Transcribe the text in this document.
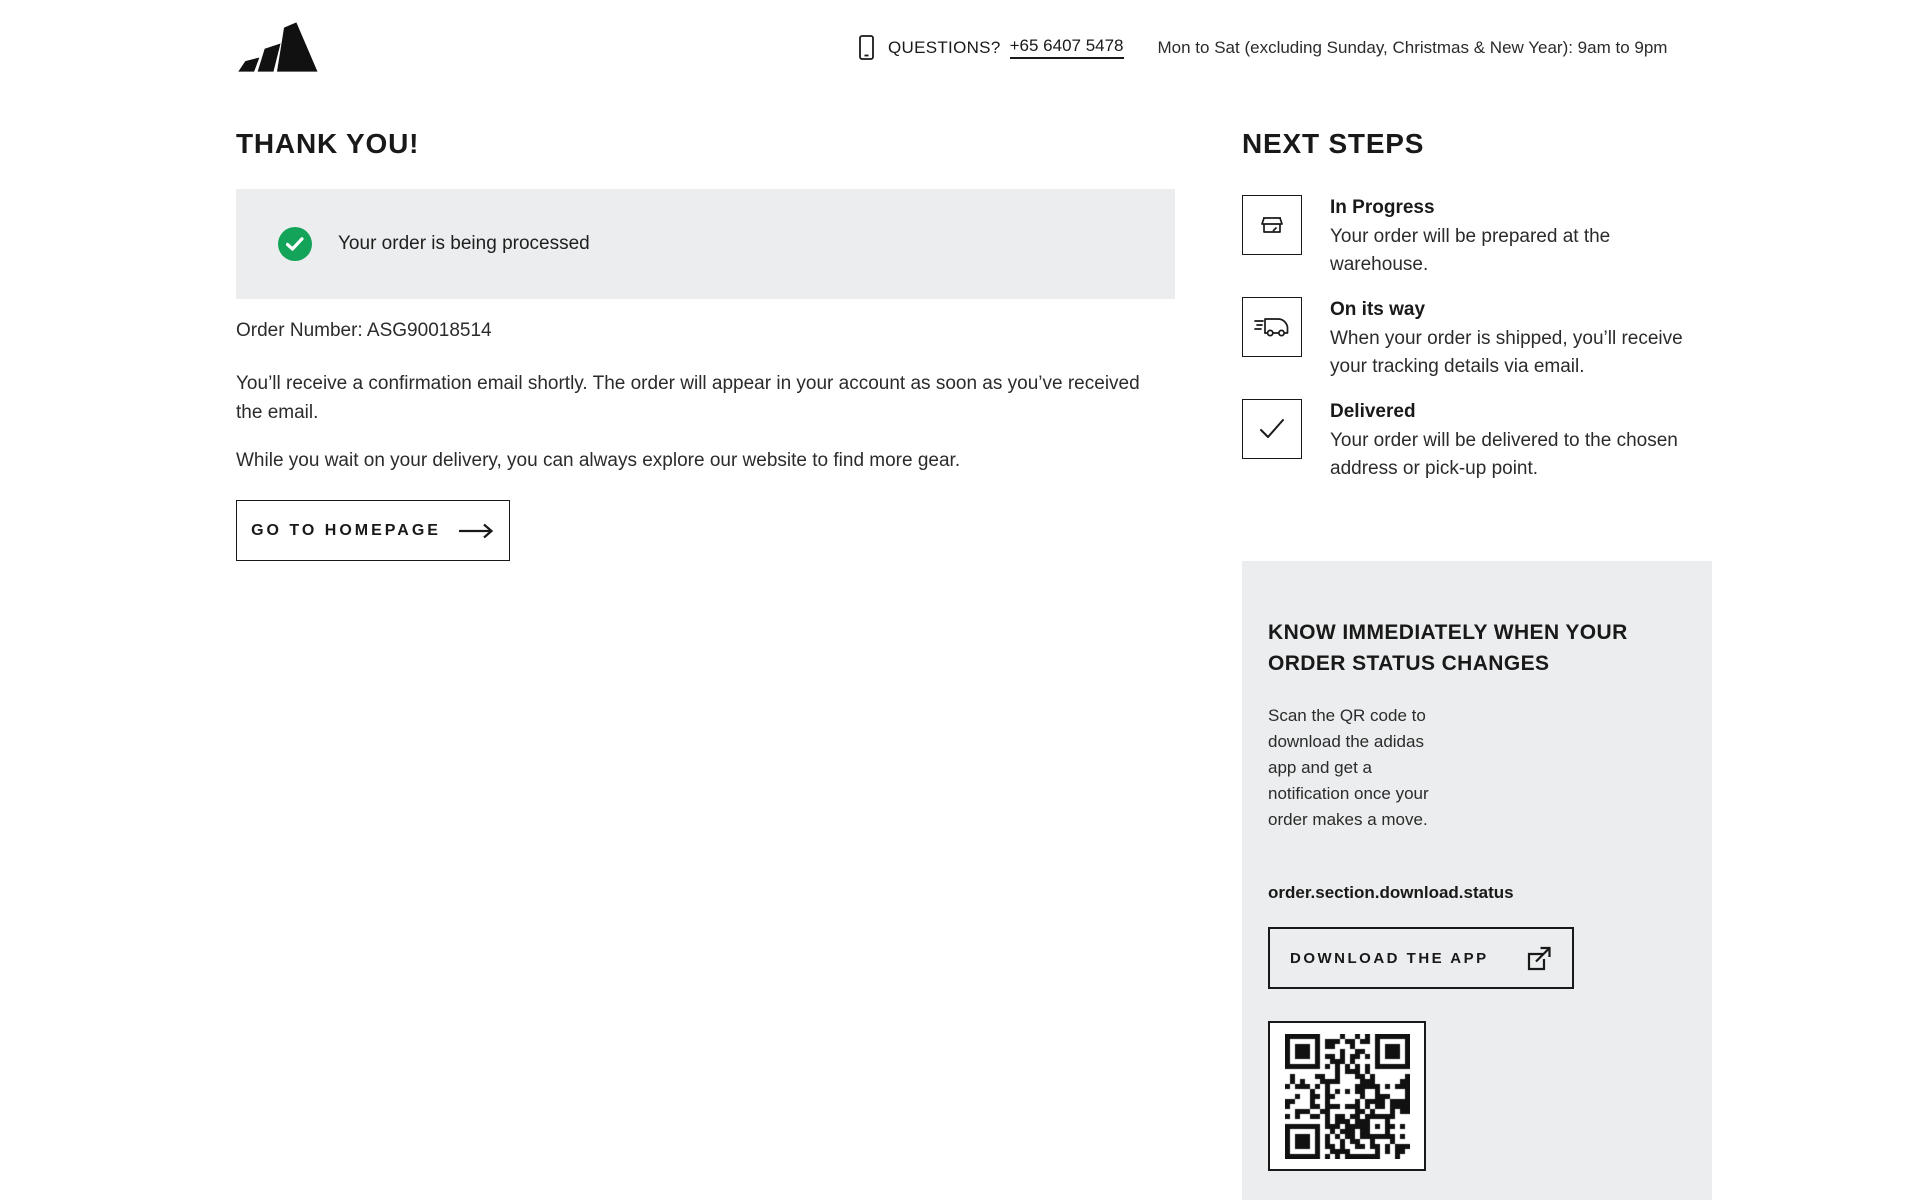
QUESTIONS? +65 6407 5478 Mon to Sat (excluding Sunday, Christmas & New Year): 9am to 9pm
THANK YOU!
Your order is being processed
Order Number: ASG90018514

You’ll receive a confirmation email shortly. The order will appear in your account as soon as you’ve received the email.

While you wait on your delivery, you can always explore our website to find more gear.

GO TO HOMEPAGE
NEXT STEPS
In Progress
Your order will be prepared at the warehouse.
On its way
When your order is shipped, you’ll receive your tracking details via email.
Delivered
Your order will be delivered to the chosen address or pick-up point.
KNOW IMMEDIATELY WHEN YOUR ORDER STATUS CHANGES
Scan the QR code to download the adidas app and get a notification once your order makes a move.
order.section.download.status
DOWNLOAD THE APP
